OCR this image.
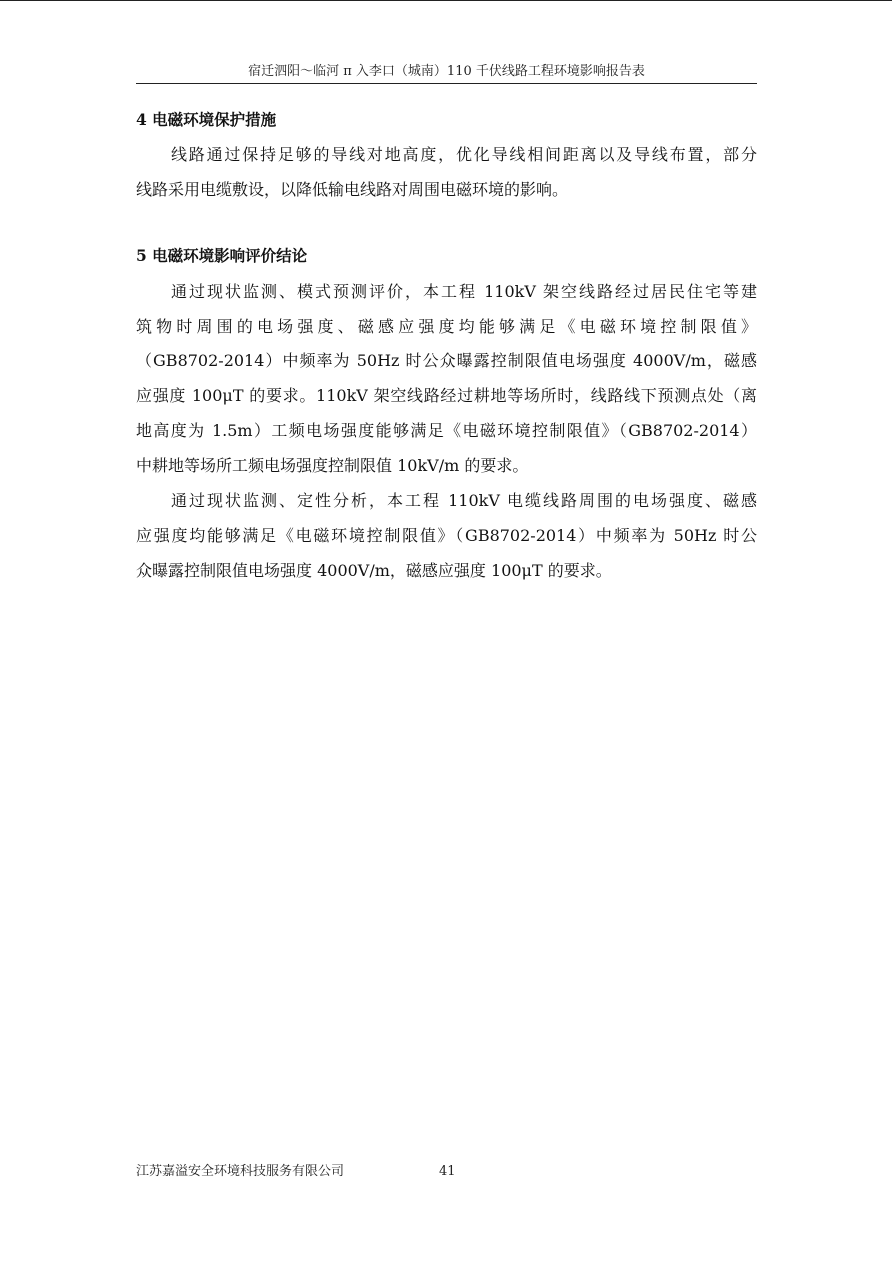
宿迁泗阳～临河 π 入李口（城南）110 千伏线路工程环境影响报告表
4 电磁环境保护措施
线路通过保持足够的导线对地高度，优化导线相间距离以及导线布置，部分
线路采用电缆敷设，以降低输电线路对周围电磁环境的影响。
5 电磁环境影响评价结论
通过现状监测、模式预测评价，本工程 110kV 架空线路经过居民住宅等建
筑物时周围的电场强度、磁感应强度均能够满足《电磁环境控制限值》
（GB8702-2014）中频率为 50Hz 时公众曝露控制限值电场强度 4000V/m，磁感
应强度 100μT 的要求。110kV 架空线路经过耕地等场所时，线路线下预测点处（离
地高度为 1.5m）工频电场强度能够满足《电磁环境控制限值》（GB8702-2014）
中耕地等场所工频电场强度控制限值 10kV/m 的要求。
通过现状监测、定性分析，本工程 110kV 电缆线路周围的电场强度、磁感
应强度均能够满足《电磁环境控制限值》（GB8702-2014）中频率为 50Hz 时公
众曝露控制限值电场强度 4000V/m，磁感应强度 100μT 的要求。
江苏嘉溢安全环境科技服务有限公司	41
